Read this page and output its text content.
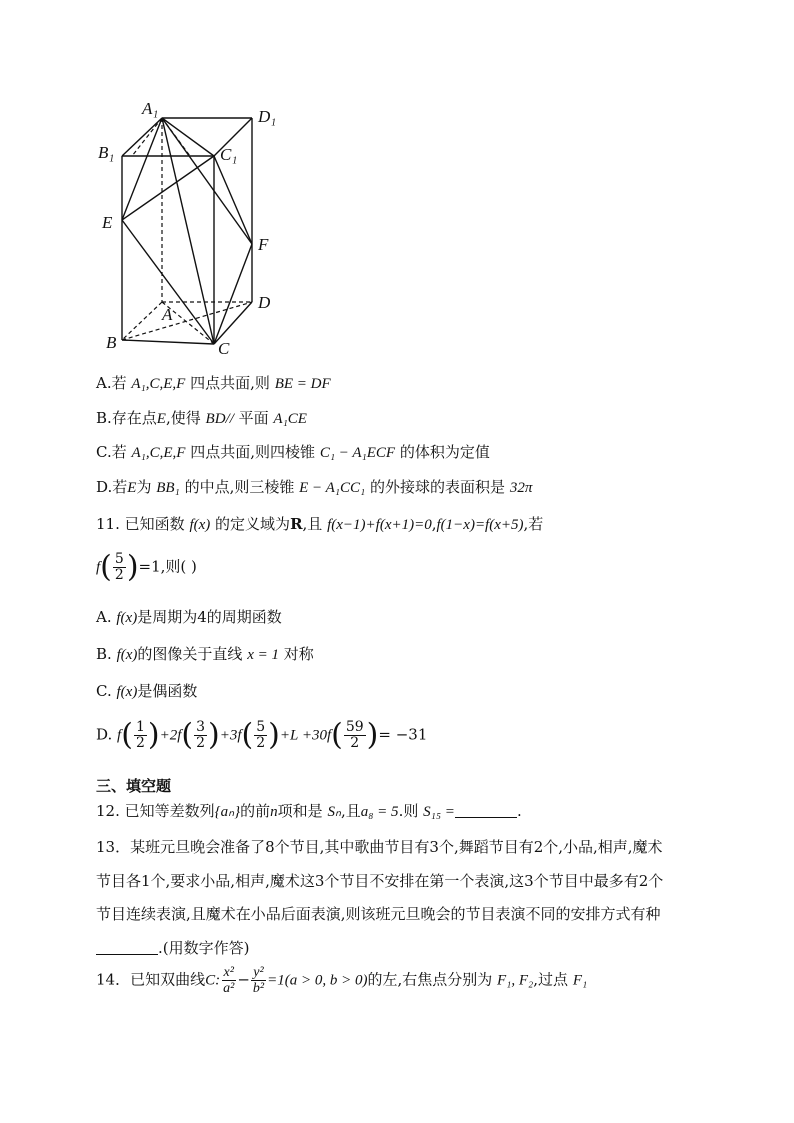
A₁	D₁
B₁	C₁
E
F
D
A
B	C
A.若 A₁,C,E,F 四点共面,则 BE = DF
B.存在点E,使得 BD// 平面 A₁CE
C.若 A₁,C,E,F 四点共面,则四棱锥 C₁ − A₁ECF 的体积为定值
D.若E为 BB₁ 的中点,则三棱锥 E − A₁CC₁ 的外接球的表面积是 32π
11. 已知函数 f(x) 的定义域为R,且 f(x−1)+f(x+1)=0,f(1−x)=f(x+5),若
$f( \frac{5}{2} )=1$,则( )
A. f(x)是周期为4的周期函数
B. f(x)的图像关于直线 x = 1 对称
C. f(x)是偶函数
D. $f( \frac{1}{2} )+2f( \frac{3}{2} )+3f( \frac{5}{2} )+L +30f( \frac{59}{2}$ )= −31
三、填空题
12. 已知等差数列{aₙ}的前n项和是 Sₙ,且a₈ = 5.则 S₁₅ =	.
13．某班元旦晚会准备了8个节目,其中歌曲节目有3个,舞蹈节目有2个,小品,相声,魔术
节目各1个,要求小品,相声,魔术这3个节目不安排在第一个表演,这3个节目中最多有2个
节目连续表演,且魔术在小品后面表演,则该班元旦晚会的节目表演不同的安排方式有种
.(用数字作答)
14．已知双曲线C: $\frac{\text{x²}}{\text{a²}} - \frac{\text{y²}}{\text{b²}} =1(a > 0$, b > 0)的左,右焦点分别为 F₁, F₂,过点 F₁
